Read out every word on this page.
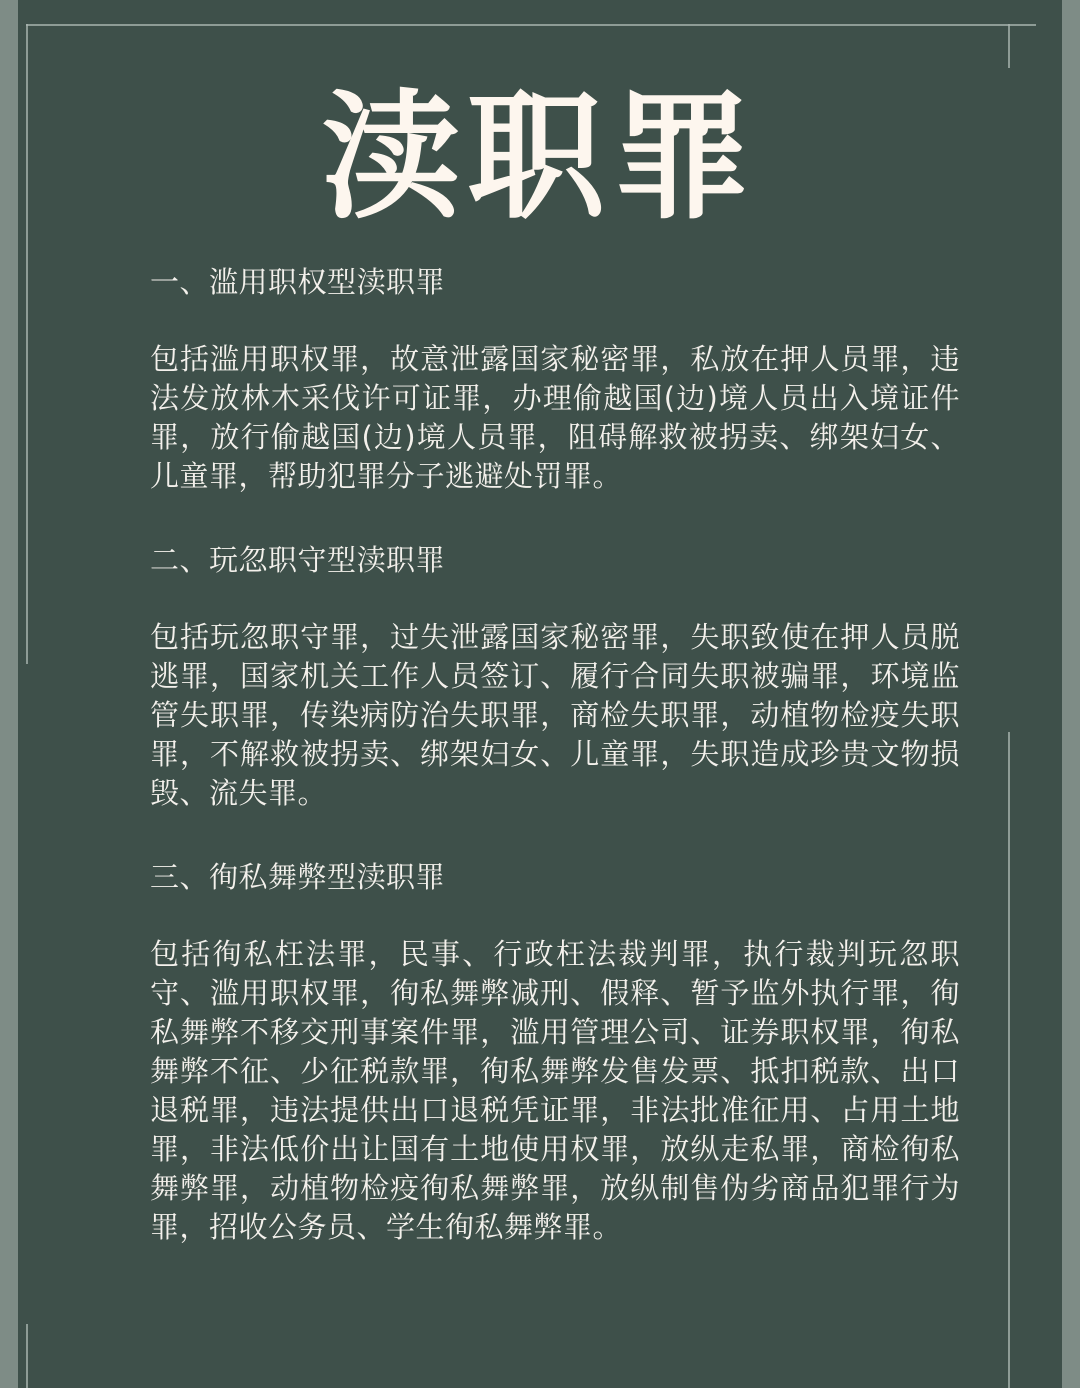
渎职罪

一、滥用职权型渎职罪

包括滥用职权罪，故意泄露国家秘密罪，私放在押人员罪，违法发放林木采伐许可证罪，办理偷越国(边)境人员出入境证件罪，放行偷越国(边)境人员罪，阻碍解救被拐卖、绑架妇女、儿童罪，帮助犯罪分子逃避处罚罪。

二、玩忽职守型渎职罪

包括玩忽职守罪，过失泄露国家秘密罪，失职致使在押人员脱逃罪，国家机关工作人员签订、履行合同失职被骗罪，环境监管失职罪，传染病防治失职罪，商检失职罪，动植物检疫失职罪，不解救被拐卖、绑架妇女、儿童罪，失职造成珍贵文物损毁、流失罪。

三、徇私舞弊型渎职罪

包括徇私枉法罪，民事、行政枉法裁判罪，执行裁判玩忽职守、滥用职权罪，徇私舞弊减刑、假释、暂予监外执行罪，徇私舞弊不移交刑事案件罪，滥用管理公司、证券职权罪，徇私舞弊不征、少征税款罪，徇私舞弊发售发票、抵扣税款、出口退税罪，违法提供出口退税凭证罪，非法批准征用、占用土地罪，非法低价出让国有土地使用权罪，放纵走私罪，商检徇私舞弊罪，动植物检疫徇私舞弊罪，放纵制售伪劣商品犯罪行为罪，招收公务员、学生徇私舞弊罪。
